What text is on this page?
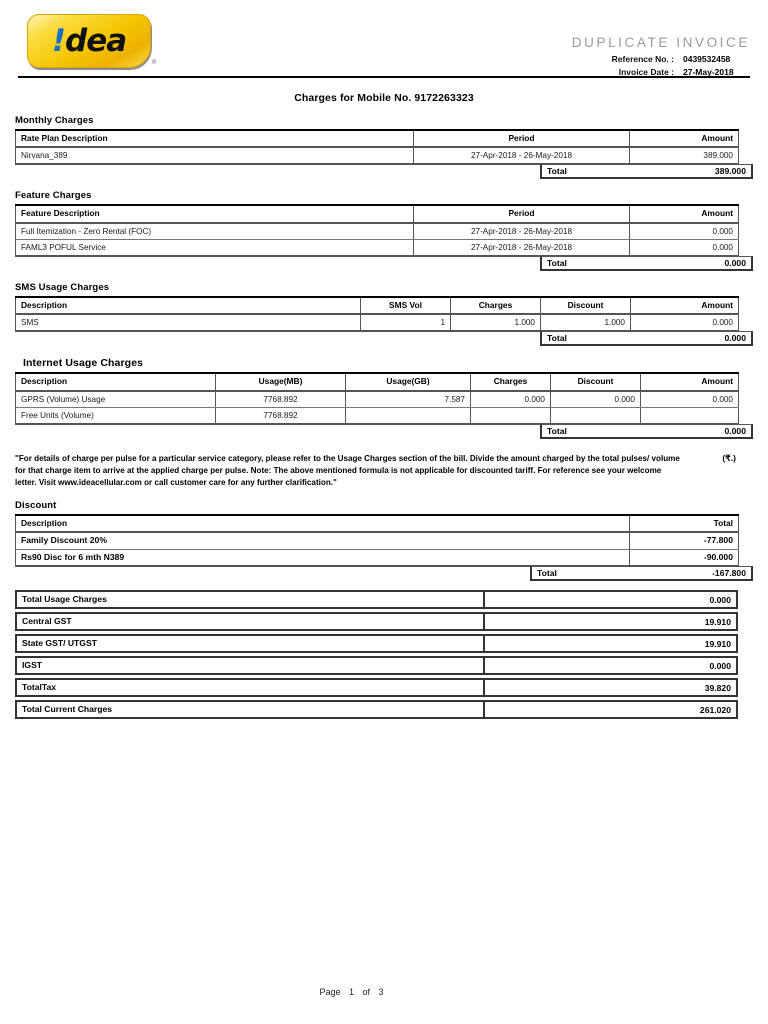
! dea
®
DUPLICATE INVOICE
Reference No. : 0439532458
Invoice Date : 27-May-2018
Charges for Mobile No. 9172263323
Monthly Charges
Rate Plan Description	Period	Amount
Nirvana_389	27-Apr-2018 - 26-May-2018	389.000
Total	389.000
Feature Charges
Feature Description	Period	Amount
Full Itemization - Zero Rental (FOC)	27-Apr-2018 - 26-May-2018	0.000
FAML3 POFUL Service	27-Apr-2018 - 26-May-2018	0.000
Total	0.000
SMS Usage Charges
Description	SMS Vol	Charges	Discount	Amount
SMS	1	1.000	1.000	0.000
Total	0.000
Internet Usage Charges
Description	Usage(MB)	Usage(GB)	Charges	Discount	Amount
GPRS (Volume) Usage	7768.892	7.587	0.000	0.000	0.000
Free Units (Volume)	7768.892				
Total	0.000
"For details of charge per pulse for a particular service category, please refer to the Usage Charges section of the bill. Divide the amount charged by the total pulses/ volume for that charge item to arrive at the applied charge per pulse. Note: The above mentioned formula is not applicable for discounted tariff. For reference see your welcome letter. Visit www.ideacellular.com or call customer care for any further clarification."
(₹.)
Discount
Description	Total
Family Discount 20%	-77.800
Rs90 Disc for 6 mth N389	-90.000
Total	-167.800
Total Usage Charges	0.000
Central GST	19.910
State GST/ UTGST	19.910
IGST	0.000
TotalTax	39.820
Total Current Charges	261.020
Page 1 of 3
